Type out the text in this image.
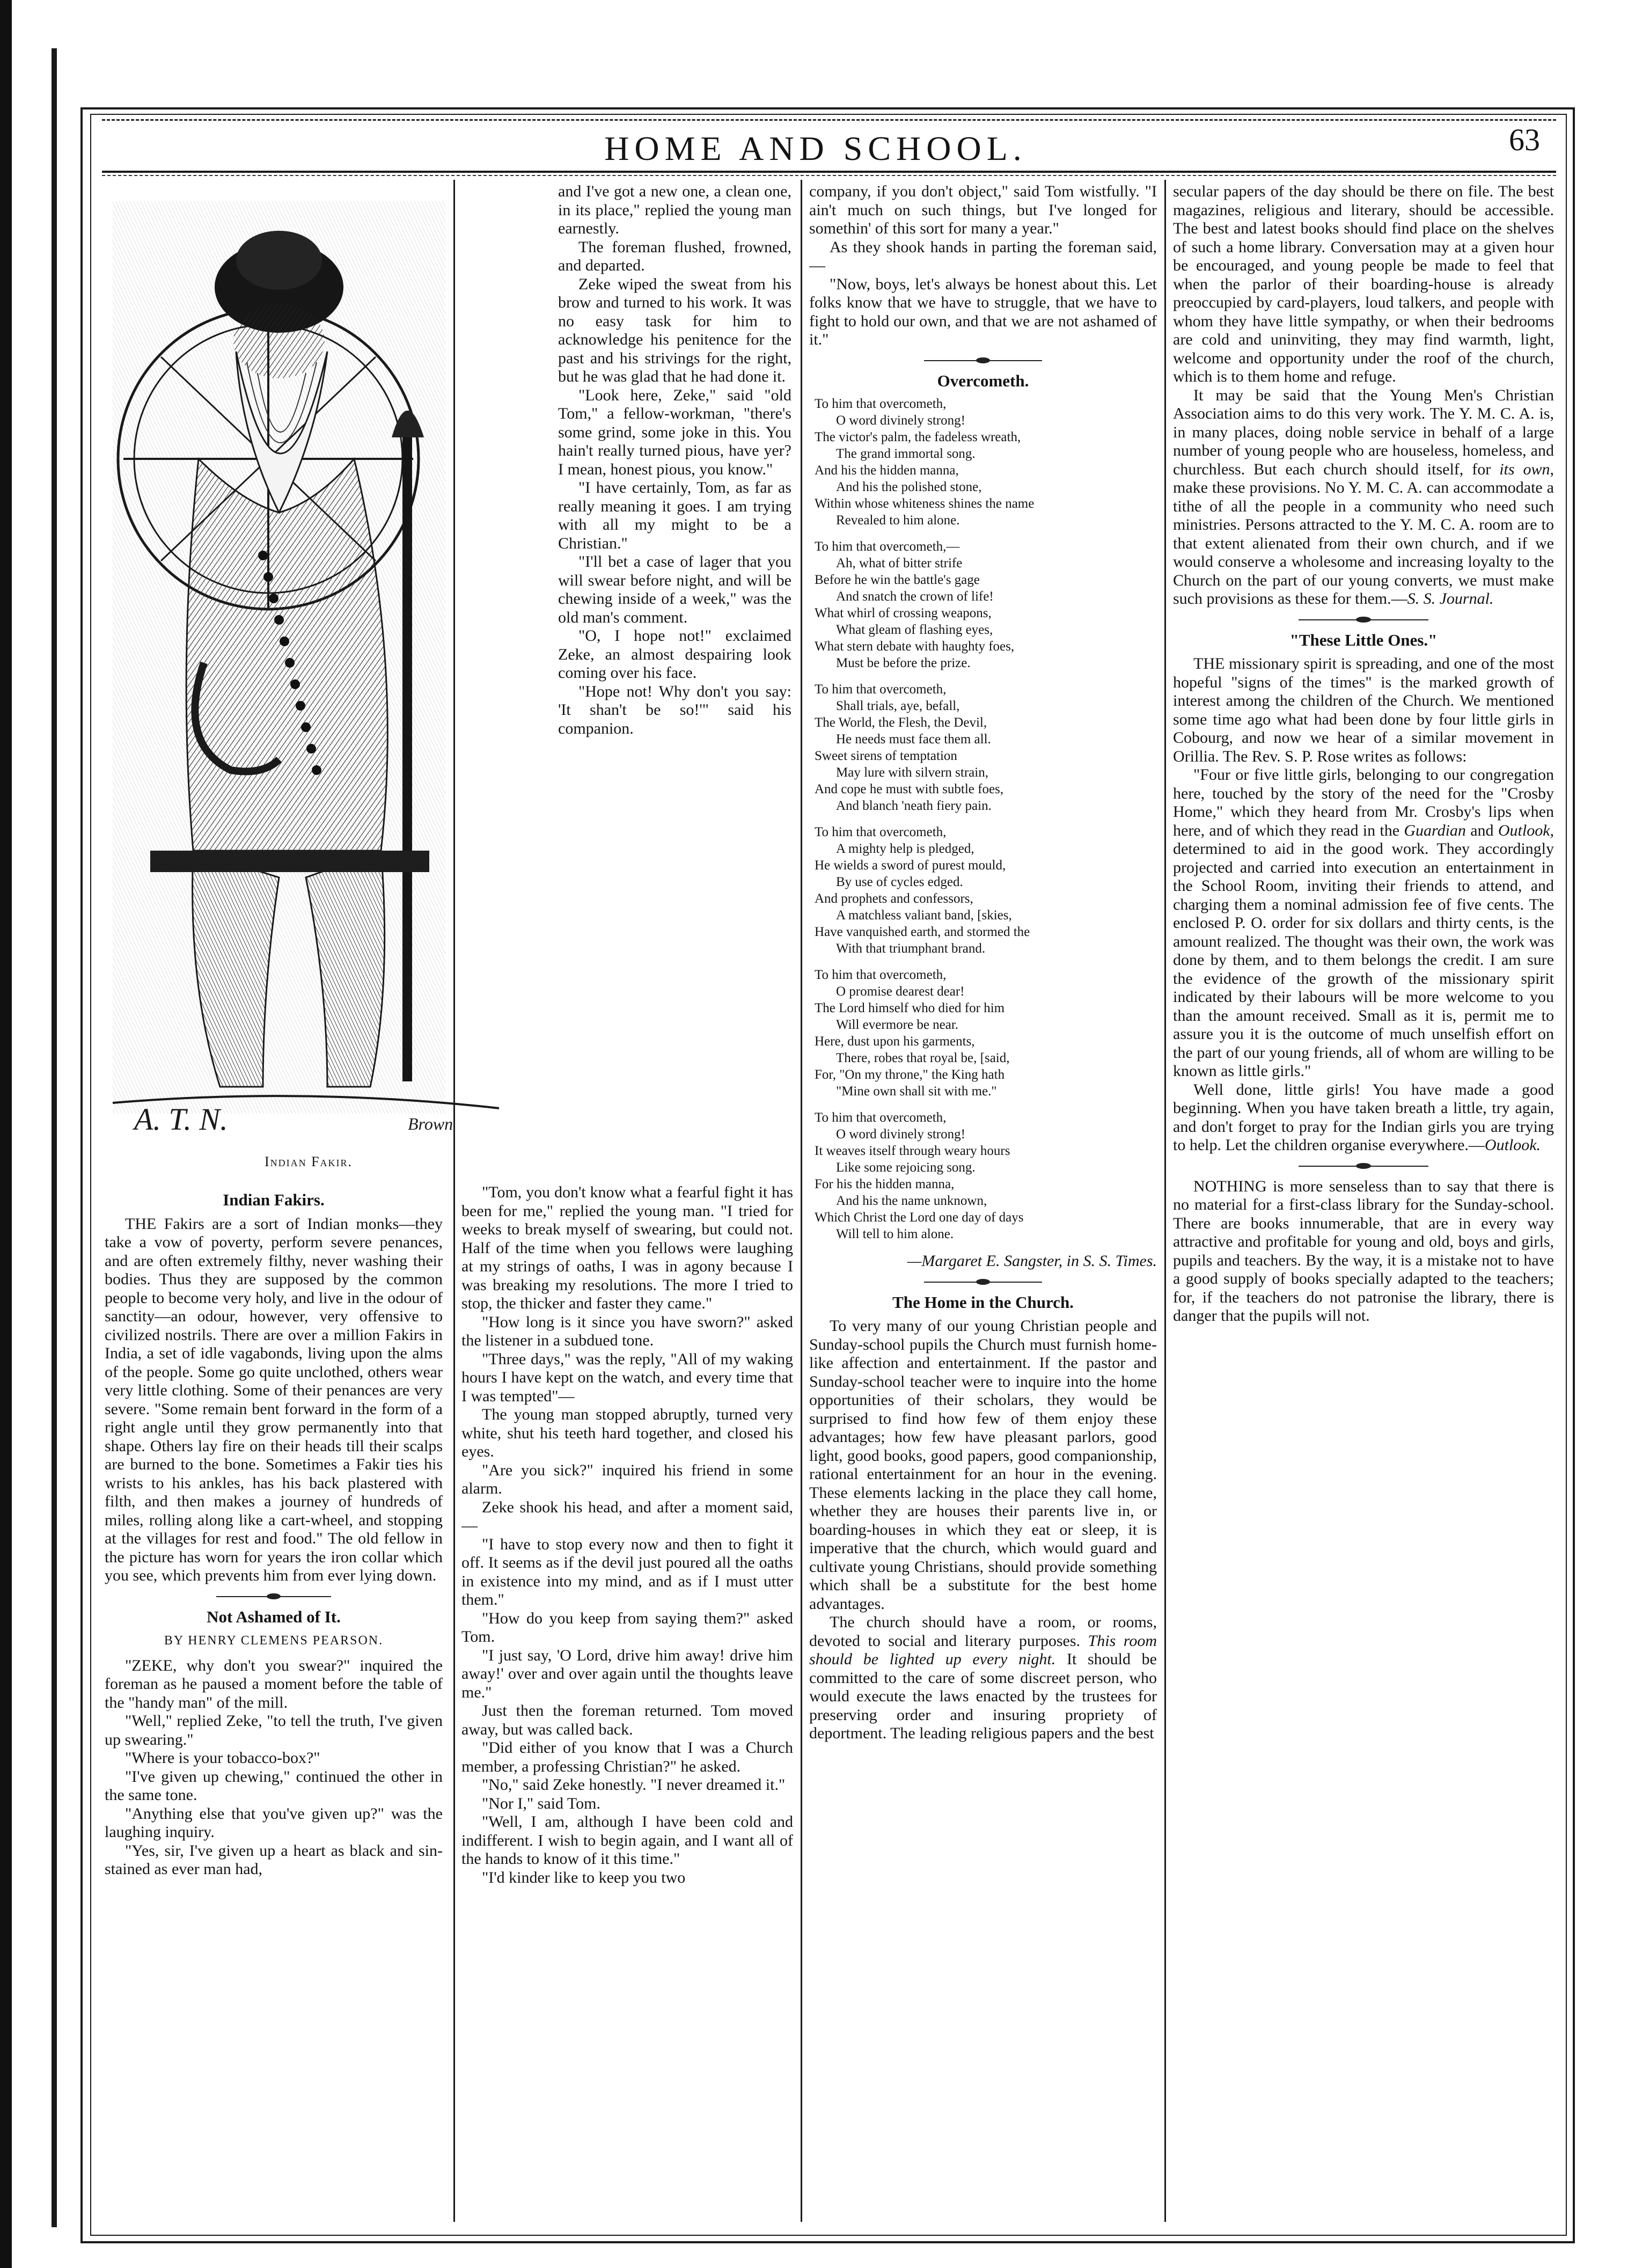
HOME AND SCHOOL.	63
A. T. N.	Brown
Indian Fakir.
Indian Fakirs.

THE Fakirs are a sort of Indian monks—they take a vow of poverty, perform severe penances, and are often extremely filthy, never washing their bodies. Thus they are supposed by the common people to become very holy, and live in the odour of sanctity—an odour, however, very offensive to civilized nostrils. There are over a million Fakirs in India, a set of idle vagabonds, living upon the alms of the people. Some go quite unclothed, others wear very little clothing. Some of their penances are very severe. "Some remain bent forward in the form of a right angle until they grow permanently into that shape. Others lay fire on their heads till their scalps are burned to the bone. Sometimes a Fakir ties his wrists to his ankles, has his back plastered with filth, and then makes a journey of hundreds of miles, rolling along like a cart-wheel, and stopping at the villages for rest and food." The old fellow in the picture has worn for years the iron collar which you see, which prevents him from ever lying down.

Not Ashamed of It.
BY HENRY CLEMENS PEARSON.

"ZEKE, why don't you swear?" inquired the foreman as he paused a moment before the table of the "handy man" of the mill.

"Well," replied Zeke, "to tell the truth, I've given up swearing."

"Where is your tobacco-box?"

"I've given up chewing," continued the other in the same tone.

"Anything else that you've given up?" was the laughing inquiry.

"Yes, sir, I've given up a heart as black and sin-stained as ever man had,

and I've got a new one, a clean one, in its place," replied the young man earnestly.

The foreman flushed, frowned, and departed.

Zeke wiped the sweat from his brow and turned to his work. It was no easy task for him to acknowledge his penitence for the past and his strivings for the right, but he was glad that he had done it.

"Look here, Zeke," said "old Tom," a fellow-workman, "there's some grind, some joke in this. You hain't really turned pious, have yer? I mean, honest pious, you know."

"I have certainly, Tom, as far as really meaning it goes. I am trying with all my might to be a Christian."

"I'll bet a case of lager that you will swear before night, and will be chewing inside of a week," was the old man's comment.

"O, I hope not!" exclaimed Zeke, an almost despairing look coming over his face.

"Hope not! Why don't you say: 'It shan't be so!'" said his companion.

"Tom, you don't know what a fearful fight it has been for me," replied the young man. "I tried for weeks to break myself of swearing, but could not. Half of the time when you fellows were laughing at my strings of oaths, I was in agony because I was breaking my resolutions. The more I tried to stop, the thicker and faster they came."

"How long is it since you have sworn?" asked the listener in a subdued tone.

"Three days," was the reply, "All of my waking hours I have kept on the watch, and every time that I was tempted"—

The young man stopped abruptly, turned very white, shut his teeth hard together, and closed his eyes.

"Are you sick?" inquired his friend in some alarm.

Zeke shook his head, and after a moment said,—

"I have to stop every now and then to fight it off. It seems as if the devil just poured all the oaths in existence into my mind, and as if I must utter them."

"How do you keep from saying them?" asked Tom.

"I just say, 'O Lord, drive him away! drive him away!' over and over again until the thoughts leave me."

Just then the foreman returned. Tom moved away, but was called back.

"Did either of you know that I was a Church member, a professing Christian?" he asked.

"No," said Zeke honestly. "I never dreamed it."

"Nor I," said Tom.

"Well, I am, although I have been cold and indifferent. I wish to begin again, and I want all of the hands to know of it this time."

"I'd kinder like to keep you two

company, if you don't object," said Tom wistfully. "I ain't much on such things, but I've longed for somethin' of this sort for many a year."

As they shook hands in parting the foreman said,—

"Now, boys, let's always be honest about this. Let folks know that we have to struggle, that we have to fight to hold our own, and that we are not ashamed of it."

Overcometh.
To him that overcometh,
O word divinely strong!
The victor's palm, the fadeless wreath,
The grand immortal song.
And his the hidden manna,
And his the polished stone,
Within whose whiteness shines the name
Revealed to him alone.
To him that overcometh,—
Ah, what of bitter strife
Before he win the battle's gage
And snatch the crown of life!
What whirl of crossing weapons,
What gleam of flashing eyes,
What stern debate with haughty foes,
Must be before the prize.
To him that overcometh,
Shall trials, aye, befall,
The World, the Flesh, the Devil,
He needs must face them all.
Sweet sirens of temptation
May lure with silvern strain,
And cope he must with subtle foes,
And blanch 'neath fiery pain.
To him that overcometh,
A mighty help is pledged,
He wields a sword of purest mould,
By use of cycles edged.
And prophets and confessors,
A matchless valiant band, [skies,
Have vanquished earth, and stormed the
With that triumphant brand.
To him that overcometh,
O promise dearest dear!
The Lord himself who died for him
Will evermore be near.
Here, dust upon his garments,
There, robes that royal be, [said,
For, "On my throne," the King hath
"Mine own shall sit with me."
To him that overcometh,
O word divinely strong!
It weaves itself through weary hours
Like some rejoicing song.
For his the hidden manna,
And his the name unknown,
Which Christ the Lord one day of days
Will tell to him alone.
—Margaret E. Sangster, in S. S. Times.
The Home in the Church.

To very many of our young Christian people and Sunday-school pupils the Church must furnish home-like affection and entertainment. If the pastor and Sunday-school teacher were to inquire into the home opportunities of their scholars, they would be surprised to find how few of them enjoy these advantages; how few have pleasant parlors, good light, good books, good papers, good companionship, rational entertainment for an hour in the evening. These elements lacking in the place they call home, whether they are houses their parents live in, or boarding-houses in which they eat or sleep, it is imperative that the church, which would guard and cultivate young Christians, should provide something which shall be a substitute for the best home advantages.

The church should have a room, or rooms, devoted to social and literary purposes. This room should be lighted up every night. It should be committed to the care of some discreet person, who would execute the laws enacted by the trustees for preserving order and insuring propriety of deportment. The leading religious papers and the best

secular papers of the day should be there on file. The best magazines, religious and literary, should be accessible. The best and latest books should find place on the shelves of such a home library. Conversation may at a given hour be encouraged, and young people be made to feel that when the parlor of their boarding-house is already preoccupied by card-players, loud talkers, and people with whom they have little sympathy, or when their bedrooms are cold and uninviting, they may find warmth, light, welcome and opportunity under the roof of the church, which is to them home and refuge.

It may be said that the Young Men's Christian Association aims to do this very work. The Y. M. C. A. is, in many places, doing noble service in behalf of a large number of young people who are houseless, homeless, and churchless. But each church should itself, for its own, make these provisions. No Y. M. C. A. can accommodate a tithe of all the people in a community who need such ministries. Persons attracted to the Y. M. C. A. room are to that extent alienated from their own church, and if we would conserve a wholesome and increasing loyalty to the Church on the part of our young converts, we must make such provisions as these for them.—S. S. Journal.

"These Little Ones."

THE missionary spirit is spreading, and one of the most hopeful "signs of the times" is the marked growth of interest among the children of the Church. We mentioned some time ago what had been done by four little girls in Cobourg, and now we hear of a similar movement in Orillia. The Rev. S. P. Rose writes as follows:

"Four or five little girls, belonging to our congregation here, touched by the story of the need for the "Crosby Home," which they heard from Mr. Crosby's lips when here, and of which they read in the Guardian and Outlook, determined to aid in the good work. They accordingly projected and carried into execution an entertainment in the School Room, inviting their friends to attend, and charging them a nominal admission fee of five cents. The enclosed P. O. order for six dollars and thirty cents, is the amount realized. The thought was their own, the work was done by them, and to them belongs the credit. I am sure the evidence of the growth of the missionary spirit indicated by their labours will be more welcome to you than the amount received. Small as it is, permit me to assure you it is the outcome of much unselfish effort on the part of our young friends, all of whom are willing to be known as little girls."

Well done, little girls! You have made a good beginning. When you have taken breath a little, try again, and don't forget to pray for the Indian girls you are trying to help. Let the children organise everywhere.—Outlook.

NOTHING is more senseless than to say that there is no material for a first-class library for the Sunday-school. There are books innumerable, that are in every way attractive and profitable for young and old, boys and girls, pupils and teachers. By the way, it is a mistake not to have a good supply of books specially adapted to the teachers; for, if the teachers do not patronise the library, there is danger that the pupils will not.
